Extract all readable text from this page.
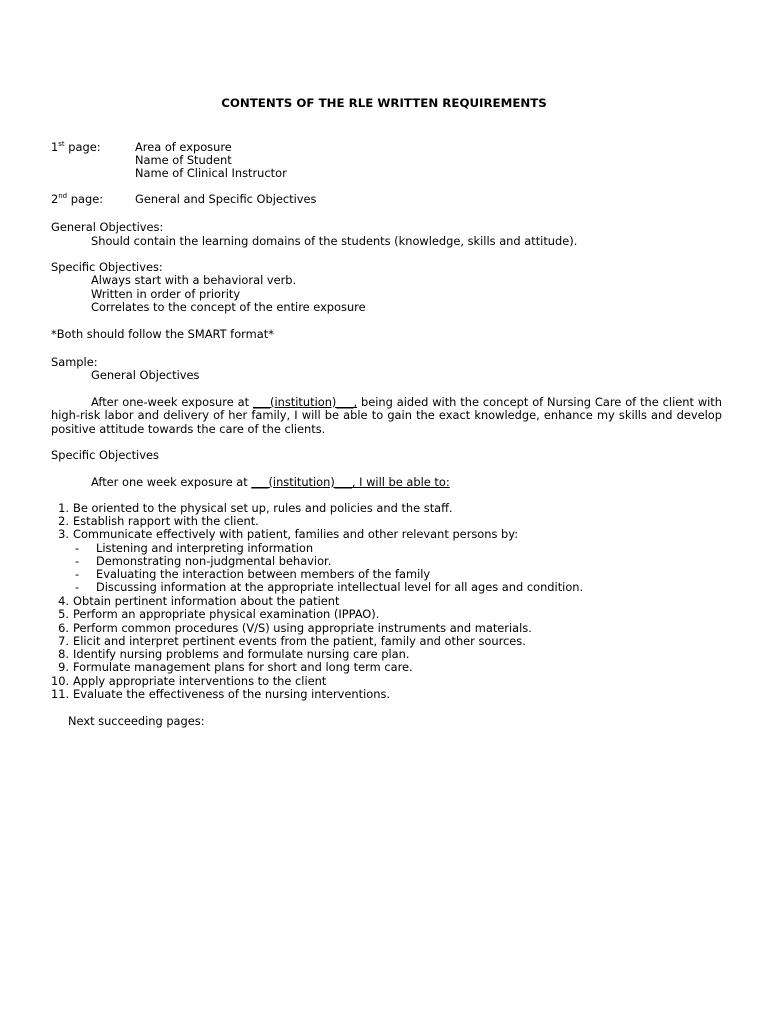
CONTENTS OF THE RLE WRITTEN REQUIREMENTS
1st page:	Area of exposure
Name of Student
Name of Clinical Instructor
2nd page:	General and Specific Objectives
General Objectives:
Should contain the learning domains of the students (knowledge, skills and attitude).
Specific Objectives:
Always start with a behavioral verb.
Written in order of priority
Correlates to the concept of the entire exposure
*Both should follow the SMART format*
Sample:
General Objectives
After one-week exposure at ___(institution)___, being aided with the concept of Nursing Care of the client with high-risk labor and delivery of her family, I will be able to gain the exact knowledge, enhance my skills and develop positive attitude towards the care of the clients.
Specific Objectives
After one week exposure at ___(institution)___, I will be able to:
1. Be oriented to the physical set up, rules and policies and the staff.
2. Establish rapport with the client.
3. Communicate effectively with patient, families and other relevant persons by:
- Listening and interpreting information
- Demonstrating non-judgmental behavior.
- Evaluating the interaction between members of the family
- Discussing information at the appropriate intellectual level for all ages and condition.
4. Obtain pertinent information about the patient
5. Perform an appropriate physical examination (IPPAO).
6. Perform common procedures (V/S) using appropriate instruments and materials.
7. Elicit and interpret pertinent events from the patient, family and other sources.
8. Identify nursing problems and formulate nursing care plan.
9. Formulate management plans for short and long term care.
10. Apply appropriate interventions to the client
11. Evaluate the effectiveness of the nursing interventions.
Next succeeding pages:
